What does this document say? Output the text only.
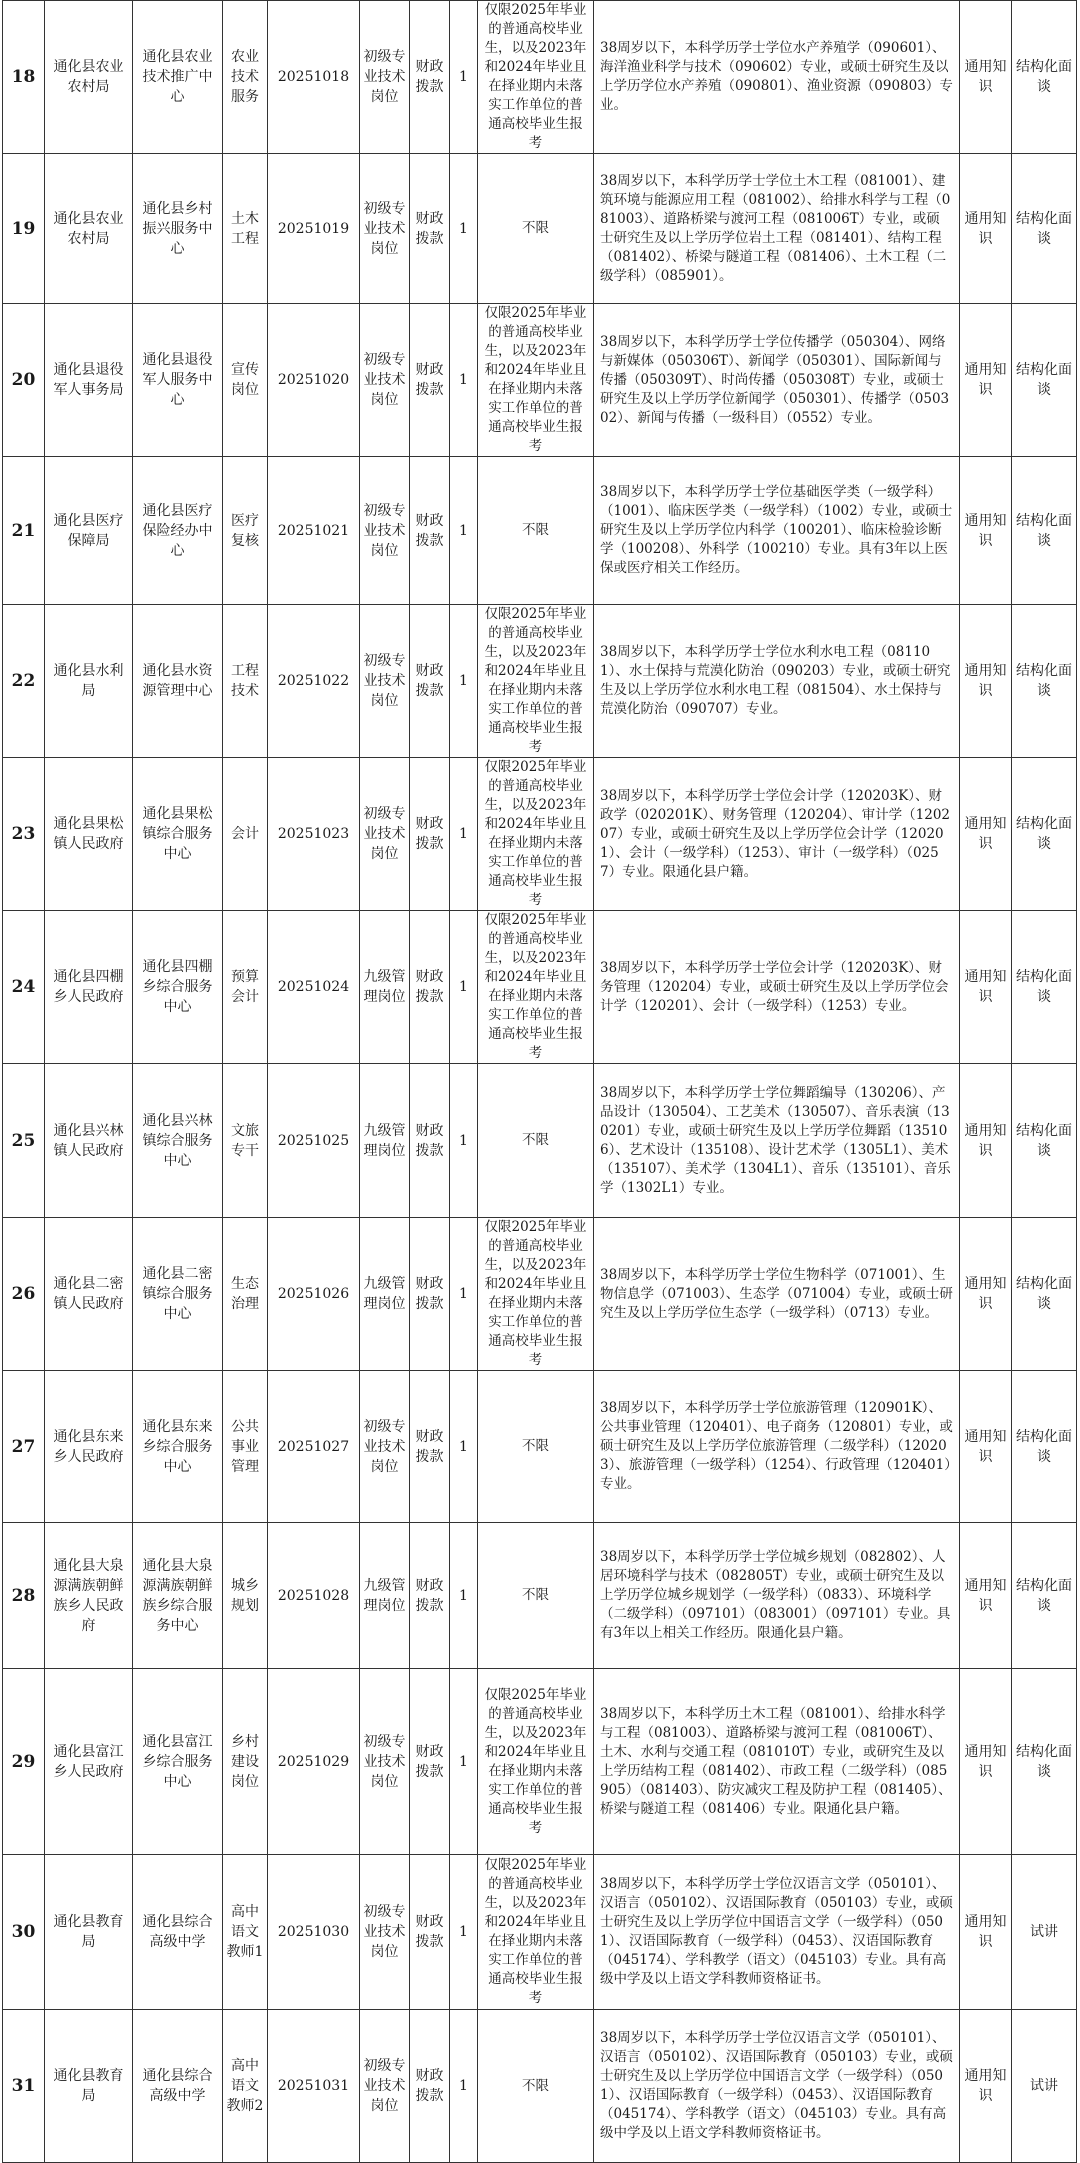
18	通化县农业农村局	通化县农业技术推广中心	农业技术服务	20251018	初级专业技术岗位	财政拨款	1	仅限2025年毕业的普通高校毕业生，以及2023年和2024年毕业且在择业期内未落实工作单位的普通高校毕业生报考	38周岁以下，本科学历学士学位水产养殖学（090601）、海洋渔业科学与技术（090602）专业，或硕士研究生及以上学历学位水产养殖（090801）、渔业资源（090803）专业。	通用知识	结构化面谈
19	通化县农业农村局	通化县乡村振兴服务中心	土木工程	20251019	初级专业技术岗位	财政拨款	1	不限	38周岁以下，本科学历学士学位土木工程（081001）、建筑环境与能源应用工程（081002）、给排水科学与工程（081003）、道路桥梁与渡河工程（081006T）专业，或硕士研究生及以上学历学位岩土工程（081401）、结构工程（081402）、桥梁与隧道工程（081406）、土木工程（二级学科）（085901）。	通用知识	结构化面谈
20	通化县退役军人事务局	通化县退役军人服务中心	宣传岗位	20251020	初级专业技术岗位	财政拨款	1	仅限2025年毕业的普通高校毕业生，以及2023年和2024年毕业且在择业期内未落实工作单位的普通高校毕业生报考	38周岁以下，本科学历学士学位传播学（050304）、网络与新媒体（050306T）、新闻学（050301）、国际新闻与传播（050309T）、时尚传播（050308T）专业，或硕士研究生及以上学历学位新闻学（050301）、传播学（050302）、新闻与传播（一级科目）（0552）专业。	通用知识	结构化面谈
21	通化县医疗保障局	通化县医疗保险经办中心	医疗复核	20251021	初级专业技术岗位	财政拨款	1	不限	38周岁以下，本科学历学士学位基础医学类（一级学科）（1001）、临床医学类（一级学科）（1002）专业，或硕士研究生及以上学历学位内科学（100201）、临床检验诊断学（100208）、外科学（100210）专业。具有3年以上医保或医疗相关工作经历。	通用知识	结构化面谈
22	通化县水利局	通化县水资源管理中心	工程技术	20251022	初级专业技术岗位	财政拨款	1	仅限2025年毕业的普通高校毕业生，以及2023年和2024年毕业且在择业期内未落实工作单位的普通高校毕业生报考	38周岁以下，本科学历学士学位水利水电工程（081101）、水土保持与荒漠化防治（090203）专业，或硕士研究生及以上学历学位水利水电工程（081504）、水土保持与荒漠化防治（090707）专业。	通用知识	结构化面谈
23	通化县果松镇人民政府	通化县果松镇综合服务中心	会计	20251023	初级专业技术岗位	财政拨款	1	仅限2025年毕业的普通高校毕业生，以及2023年和2024年毕业且在择业期内未落实工作单位的普通高校毕业生报考	38周岁以下，本科学历学士学位会计学（120203K）、财政学（020201K）、财务管理（120204）、审计学（120207）专业，或硕士研究生及以上学历学位会计学（120201）、会计（一级学科）（1253）、审计（一级学科）（0257）专业。限通化县户籍。	通用知识	结构化面谈
24	通化县四棚乡人民政府	通化县四棚乡综合服务中心	预算会计	20251024	九级管理岗位	财政拨款	1	仅限2025年毕业的普通高校毕业生，以及2023年和2024年毕业且在择业期内未落实工作单位的普通高校毕业生报考	38周岁以下，本科学历学士学位会计学（120203K）、财务管理（120204）专业，或硕士研究生及以上学历学位会计学（120201）、会计（一级学科）（1253）专业。	通用知识	结构化面谈
25	通化县兴林镇人民政府	通化县兴林镇综合服务中心	文旅专干	20251025	九级管理岗位	财政拨款	1	不限	38周岁以下，本科学历学士学位舞蹈编导（130206）、产品设计（130504）、工艺美术（130507）、音乐表演（130201）专业，或硕士研究生及以上学历学位舞蹈（135106）、艺术设计（135108）、设计艺术学（1305L1）、美术（135107）、美术学（1304L1）、音乐（135101）、音乐学（1302L1）专业。	通用知识	结构化面谈
26	通化县二密镇人民政府	通化县二密镇综合服务中心	生态治理	20251026	九级管理岗位	财政拨款	1	仅限2025年毕业的普通高校毕业生，以及2023年和2024年毕业且在择业期内未落实工作单位的普通高校毕业生报考	38周岁以下，本科学历学士学位生物科学（071001）、生物信息学（071003）、生态学（071004）专业，或硕士研究生及以上学历学位生态学（一级学科）（0713）专业。	通用知识	结构化面谈
27	通化县东来乡人民政府	通化县东来乡综合服务中心	公共事业管理	20251027	初级专业技术岗位	财政拨款	1	不限	38周岁以下，本科学历学士学位旅游管理（120901K）、公共事业管理（120401）、电子商务（120801）专业，或硕士研究生及以上学历学位旅游管理（二级学科）（120203）、旅游管理（一级学科）（1254）、行政管理（120401）专业。	通用知识	结构化面谈
28	通化县大泉源满族朝鲜族乡人民政府	通化县大泉源满族朝鲜族乡综合服务中心	城乡规划	20251028	九级管理岗位	财政拨款	1	不限	38周岁以下，本科学历学士学位城乡规划（082802）、人居环境科学与技术（082805T）专业，或硕士研究生及以上学历学位城乡规划学（一级学科）（0833）、环境科学（二级学科）（097101）（083001）（097101）专业。具有3年以上相关工作经历。限通化县户籍。	通用知识	结构化面谈
29	通化县富江乡人民政府	通化县富江乡综合服务中心	乡村建设岗位	20251029	初级专业技术岗位	财政拨款	1	仅限2025年毕业的普通高校毕业生，以及2023年和2024年毕业且在择业期内未落实工作单位的普通高校毕业生报考	38周岁以下，本科学历土木工程（081001）、给排水科学与工程（081003）、道路桥梁与渡河工程（081006T）、土木、水利与交通工程（081010T）专业，或研究生及以上学历结构工程（081402）、市政工程（二级学科）（085905）（081403）、防灾减灾工程及防护工程（081405）、桥梁与隧道工程（081406）专业。限通化县户籍。	通用知识	结构化面谈
30	通化县教育局	通化县综合高级中学	高中语文教师1	20251030	初级专业技术岗位	财政拨款	1	仅限2025年毕业的普通高校毕业生，以及2023年和2024年毕业且在择业期内未落实工作单位的普通高校毕业生报考	38周岁以下，本科学历学士学位汉语言文学（050101）、汉语言（050102）、汉语国际教育（050103）专业，或硕士研究生及以上学历学位中国语言文学（一级学科）（0501）、汉语国际教育（一级学科）（0453）、汉语国际教育（045174）、学科教学（语文）（045103）专业。具有高级中学及以上语文学科教师资格证书。	通用知识	试讲
31	通化县教育局	通化县综合高级中学	高中语文教师2	20251031	初级专业技术岗位	财政拨款	1	不限	38周岁以下，本科学历学士学位汉语言文学（050101）、汉语言（050102）、汉语国际教育（050103）专业，或硕士研究生及以上学历学位中国语言文学（一级学科）（0501）、汉语国际教育（一级学科）（0453）、汉语国际教育（045174）、学科教学（语文）（045103）专业。具有高级中学及以上语文学科教师资格证书。	通用知识	试讲
